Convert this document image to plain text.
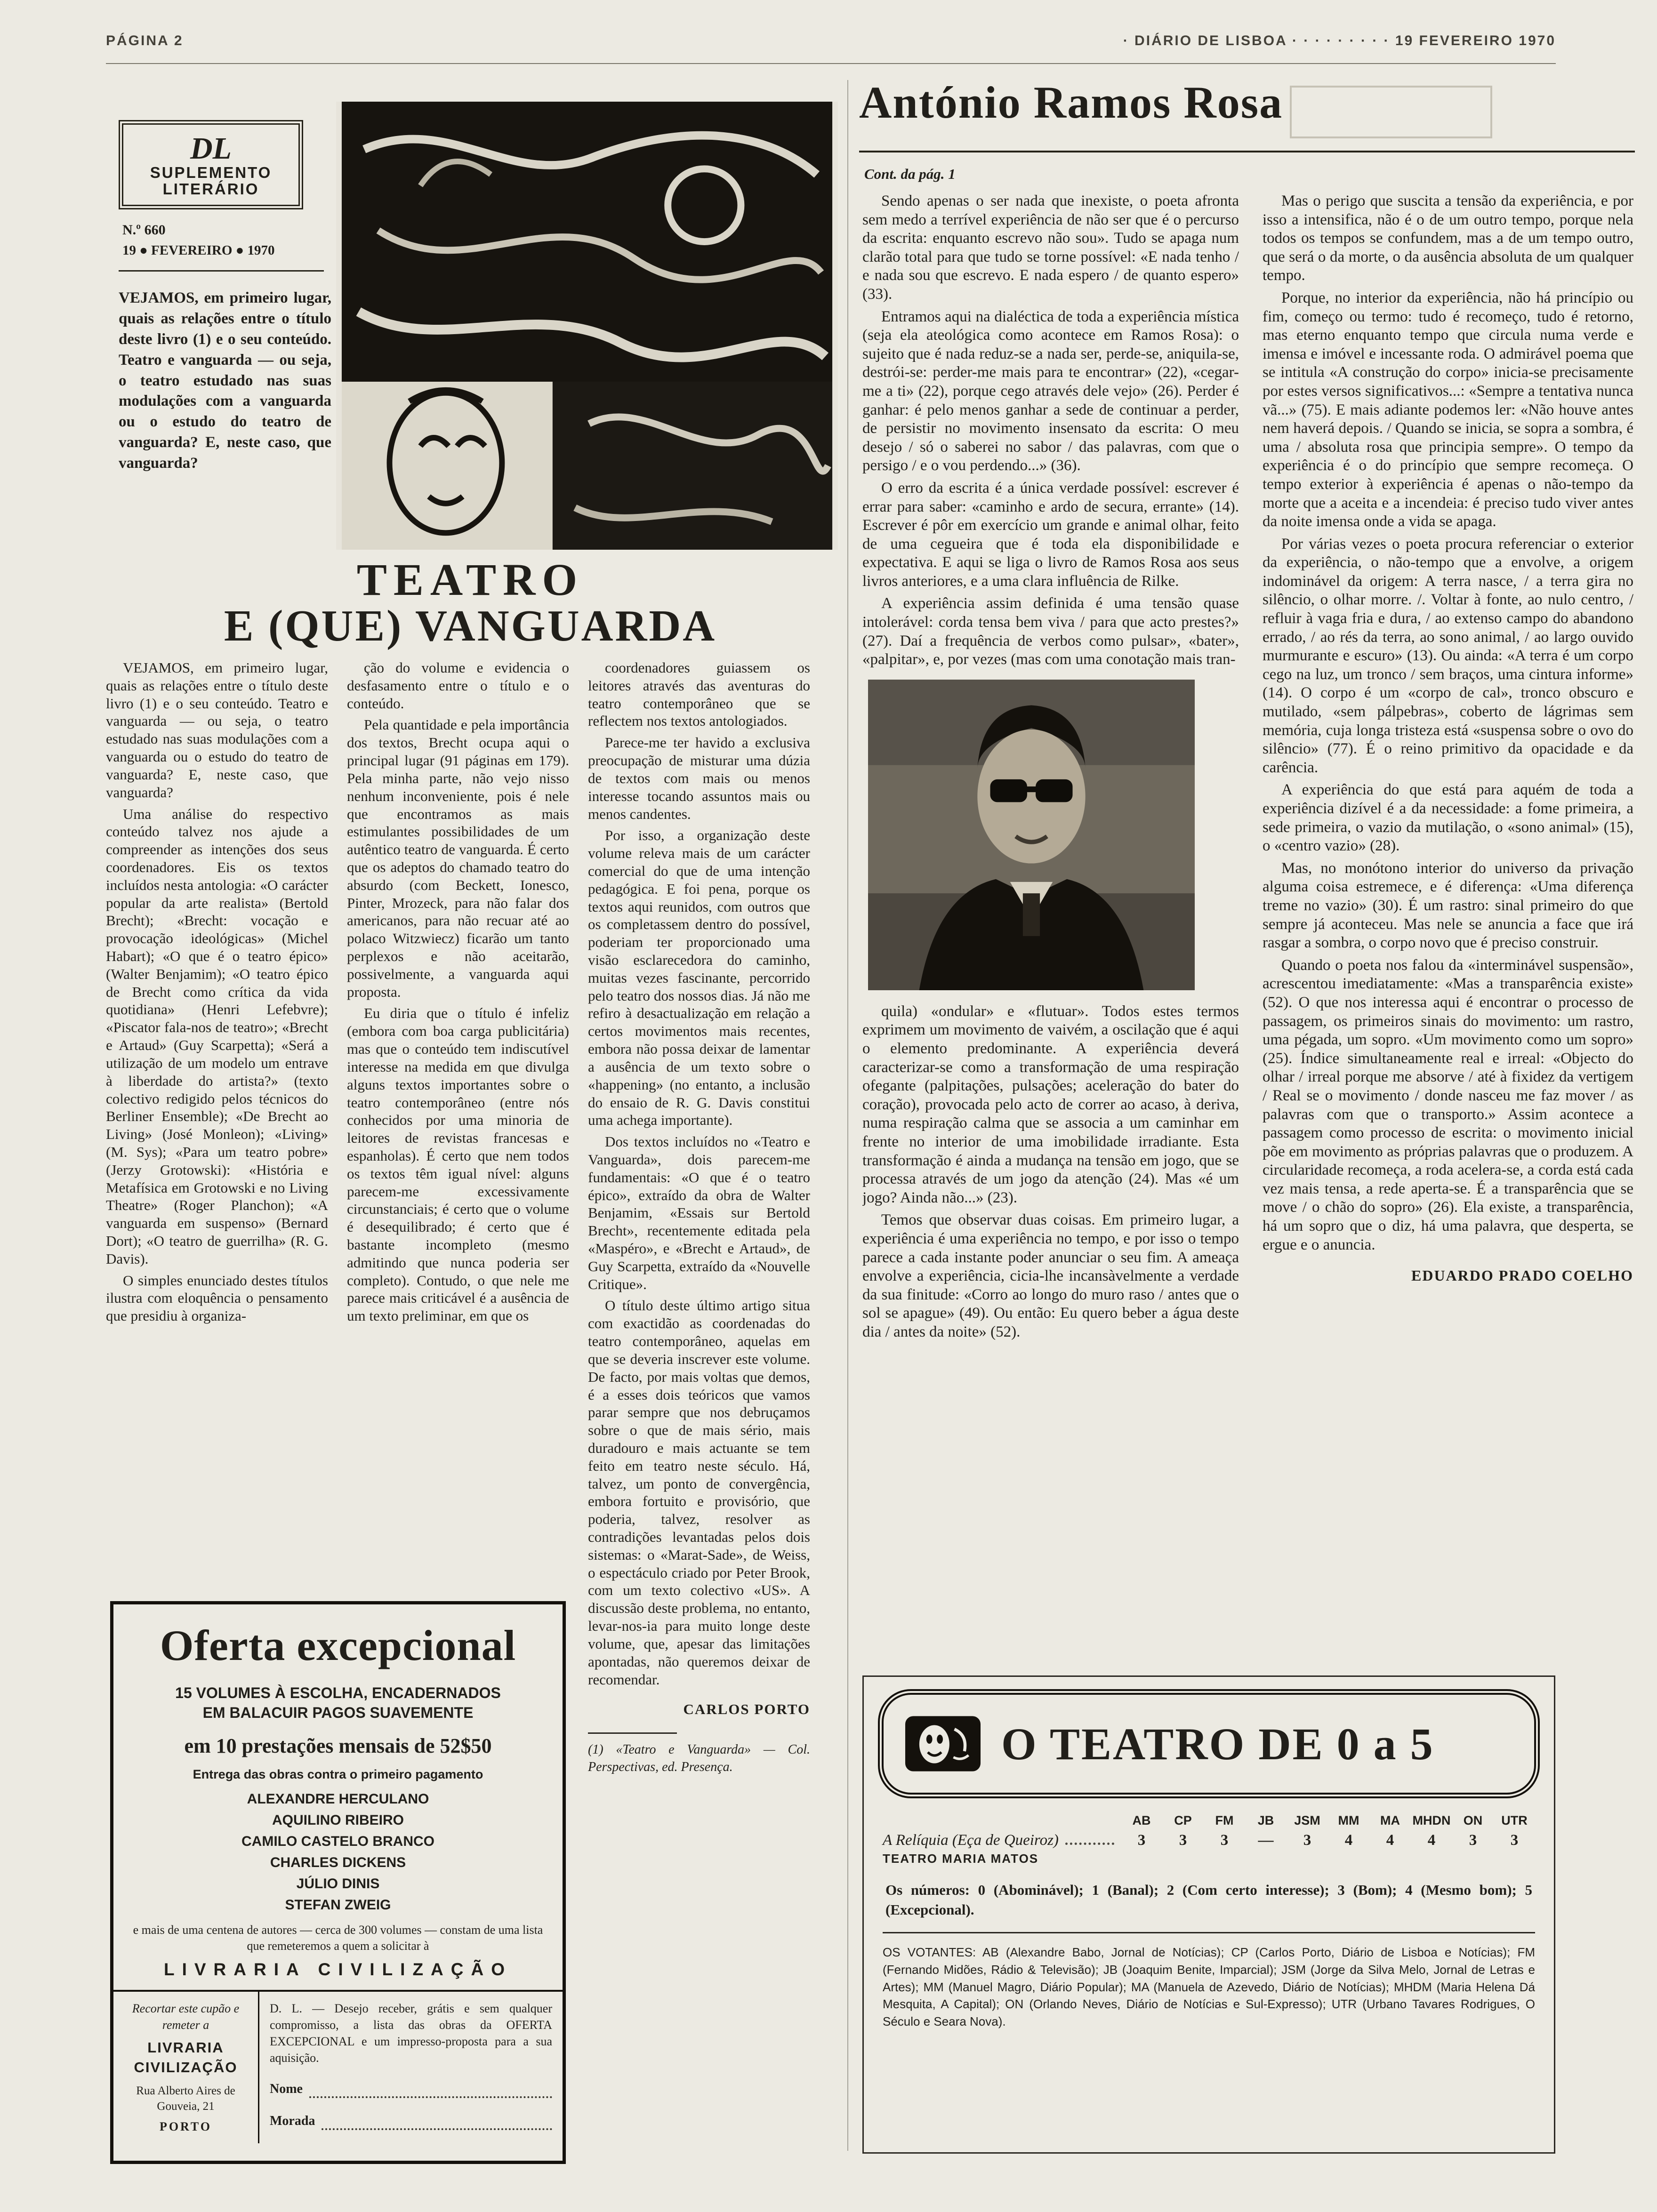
PÁGINA 2	· DIÁRIO DE LISBOA · · · · · · · · · 19 FEVEREIRO 1970
DL
SUPLEMENTO
LITERÁRIO
N.º 660
19 ● FEVEREIRO ● 1970
VEJAMOS, em primeiro lugar, quais as relações entre o título deste livro (1) e o seu conteúdo. Teatro e vanguarda — ou seja, o teatro estudado nas suas modulações com a vanguarda ou o estudo do teatro de vanguarda? E, neste caso, que vanguarda?
TEATRO
E (QUE) VANGUARDA

VEJAMOS, em primeiro lugar, quais as relações entre o título deste livro (1) e o seu conteúdo. Teatro e vanguarda — ou seja, o teatro estudado nas suas modulações com a vanguarda ou o estudo do teatro de vanguarda? E, neste caso, que vanguarda?

Uma análise do respectivo conteúdo talvez nos ajude a compreender as intenções dos seus coordenadores. Eis os textos incluídos nesta antologia: «O carácter popular da arte realista» (Bertold Brecht); «Brecht: vocação e provocação ideológicas» (Michel Habart); «O que é o teatro épico» (Walter Benjamim); «O teatro épico de Brecht como crítica da vida quotidiana» (Henri Lefebvre); «Piscator fala-nos de teatro»; «Brecht e Artaud» (Guy Scarpetta); «Será a utilização de um modelo um entrave à liberdade do artista?» (texto colectivo redigido pelos técnicos do Berliner Ensemble); «De Brecht ao Living» (José Monleon); «Living» (M. Sys); «Para um teatro pobre» (Jerzy Grotowski): «História e Metafísica em Grotowski e no Living Theatre» (Roger Planchon); «A vanguarda em suspenso» (Bernard Dort); «O teatro de guerrilha» (R. G. Davis).

O simples enunciado destes títulos ilustra com eloquência o pensamento que presidiu à organiza-

ção do volume e evidencia o desfasamento entre o título e o conteúdo.

Pela quantidade e pela importância dos textos, Brecht ocupa aqui o principal lugar (91 páginas em 179). Pela minha parte, não vejo nisso nenhum inconveniente, pois é nele que encontramos as mais estimulantes possibilidades de um autêntico teatro de vanguarda. É certo que os adeptos do chamado teatro do absurdo (com Beckett, Ionesco, Pinter, Mrozeck, para não falar dos americanos, para não recuar até ao polaco Witzwiecz) ficarão um tanto perplexos e não aceitarão, possivelmente, a vanguarda aqui proposta.

Eu diria que o título é infeliz (embora com boa carga publicitária) mas que o conteúdo tem indiscutível interesse na medida em que divulga alguns textos importantes sobre o teatro contemporâneo (entre nós conhecidos por uma minoria de leitores de revistas francesas e espanholas). É certo que nem todos os textos têm igual nível: alguns parecem-me excessivamente circunstanciais; é certo que o volume é desequilibrado; é certo que é bastante incompleto (mesmo admitindo que nunca poderia ser completo). Contudo, o que nele me parece mais criticável é a ausência de um texto preliminar, em que os

coordenadores guiassem os leitores através das aventuras do teatro contemporâneo que se reflectem nos textos antologiados.

Parece-me ter havido a exclusiva preocupação de misturar uma dúzia de textos com mais ou menos interesse tocando assuntos mais ou menos candentes.

Por isso, a organização deste volume releva mais de um carácter comercial do que de uma intenção pedagógica. E foi pena, porque os textos aqui reunidos, com outros que os completassem dentro do possível, poderiam ter proporcionado uma visão esclarecedora do caminho, muitas vezes fascinante, percorrido pelo teatro dos nossos dias. Já não me refiro à desactualização em relação a certos movimentos mais recentes, embora não possa deixar de lamentar a ausência de um texto sobre o «happening» (no entanto, a inclusão do ensaio de R. G. Davis constitui uma achega importante).

Dos textos incluídos no «Teatro e Vanguarda», dois parecem-me fundamentais: «O que é o teatro épico», extraído da obra de Walter Benjamim, «Essais sur Bertold Brecht», recentemente editada pela «Maspéro», e «Brecht e Artaud», de Guy Scarpetta, extraído da «Nouvelle Critique».

O título deste último artigo situa com exactidão as coordenadas do teatro contemporâneo, aquelas em que se deveria inscrever este volume. De facto, por mais voltas que demos, é a esses dois teóricos que vamos parar sempre que nos debruçamos sobre o que de mais sério, mais duradouro e mais actuante se tem feito em teatro neste século. Há, talvez, um ponto de convergência, embora fortuito e provisório, que poderia, talvez, resolver as contradições levantadas pelos dois sistemas: o «Marat-Sade», de Weiss, o espectáculo criado por Peter Brook, com um texto colectivo «US». A discussão deste problema, no entanto, levar-nos-ia para muito longe deste volume, que, apesar das limitações apontadas, não queremos deixar de recomendar.

CARLOS PORTO
(1) «Teatro e Vanguarda» — Col. Perspectivas, ed. Presença.
António Ramos Rosa
Cont. da pág. 1

Sendo apenas o ser nada que inexiste, o poeta afronta sem medo a terrível experiência de não ser que é o percurso da escrita: enquanto escrevo não sou». Tudo se apaga num clarão total para que tudo se torne possível: «E nada tenho / e nada sou que escrevo. E nada espero / de quanto espero» (33).

Entramos aqui na dialéctica de toda a experiência mística (seja ela ateológica como acontece em Ramos Rosa): o sujeito que é nada reduz-se a nada ser, perde-se, aniquila-se, destrói-se: perder-me mais para te encontrar» (22), «cegar-me a ti» (22), porque cego através dele vejo» (26). Perder é ganhar: é pelo menos ganhar a sede de continuar a perder, de persistir no movimento insensato da escrita: O meu desejo / só o saberei no sabor / das palavras, com que o persigo / e o vou perdendo...» (36).

O erro da escrita é a única verdade possível: escrever é errar para saber: «caminho e ardo de secura, errante» (14). Escrever é pôr em exercício um grande e animal olhar, feito de uma cegueira que é toda ela disponibilidade e expectativa. E aqui se liga o livro de Ramos Rosa aos seus livros anteriores, e a uma clara influência de Rilke.

A experiência assim definida é uma tensão quase intolerável: corda tensa bem viva / para que acto prestes?» (27). Daí a frequência de verbos como pulsar», «bater», «palpitar», e, por vezes (mas com uma conotação mais tran-

quila) «ondular» e «flutuar». Todos estes termos exprimem um movimento de vaivém, a oscilação que é aqui o elemento predominante. A experiência deverá caracterizar-se como a transformação de uma respiração ofegante (palpitações, pulsações; aceleração do bater do coração), provocada pelo acto de correr ao acaso, à deriva, numa respiração calma que se associa a um caminhar em frente no interior de uma imobilidade irradiante. Esta transformação é ainda a mudança na tensão em jogo, que se processa através de um jogo da atenção (24). Mas «é um jogo? Ainda não...» (23).

Temos que observar duas coisas. Em primeiro lugar, a experiência é uma experiência no tempo, e por isso o tempo parece a cada instante poder anunciar o seu fim. A ameaça envolve a experiência, cicia-lhe incansàvelmente a verdade da sua finitude: «Corro ao longo do muro raso / antes que o sol se apague» (49). Ou então: Eu quero beber a água deste dia / antes da noite» (52).

Mas o perigo que suscita a tensão da experiência, e por isso a intensifica, não é o de um outro tempo, porque nela todos os tempos se confundem, mas a de um tempo outro, que será o da morte, o da ausência absoluta de um qualquer tempo.

Porque, no interior da experiência, não há princípio ou fim, começo ou termo: tudo é recomeço, tudo é retorno, mas eterno enquanto tempo que circula numa verde e imensa e imóvel e incessante roda. O admirável poema que se intitula «A construção do corpo» inicia-se precisamente por estes versos significativos...: «Sempre a tentativa nunca vã...» (75). E mais adiante podemos ler: «Não houve antes nem haverá depois. / Quando se inicia, se sopra a sombra, é uma / absoluta rosa que principia sempre». O tempo da experiência é o do princípio que sempre recomeça. O tempo exterior à experiência é apenas o não-tempo da morte que a aceita e a incendeia: é preciso tudo viver antes da noite imensa onde a vida se apaga.

Por várias vezes o poeta procura referenciar o exterior da experiência, o não-tempo que a envolve, a origem indominável da origem: A terra nasce, / a terra gira no silêncio, o olhar morre. /. Voltar à fonte, ao nulo centro, / refluir à vaga fria e dura, / ao extenso campo do abandono errado, / ao rés da terra, ao sono animal, / ao largo ouvido murmurante e escuro» (13). Ou ainda: «A terra é um corpo cego na luz, um tronco / sem braços, uma cintura informe» (14). O corpo é um «corpo de cal», tronco obscuro e mutilado, «sem pálpebras», coberto de lágrimas sem memória, cuja longa tristeza está «suspensa sobre o ovo do silêncio» (77). É o reino primitivo da opacidade e da carência.

A experiência do que está para aquém de toda a experiência dizível é a da necessidade: a fome primeira, a sede primeira, o vazio da mutilação, o «sono animal» (15), o «centro vazio» (28).

Mas, no monótono interior do universo da privação alguma coisa estremece, e é diferença: «Uma diferença treme no vazio» (30). É um rastro: sinal primeiro do que sempre já aconteceu. Mas nele se anuncia a face que irá rasgar a sombra, o corpo novo que é preciso construir.

Quando o poeta nos falou da «interminável suspensão», acrescentou imediatamente: «Mas a transparência existe» (52). O que nos interessa aqui é encontrar o processo de passagem, os primeiros sinais do movimento: um rastro, uma pégada, um sopro. «Um movimento como um sopro» (25). Índice simultaneamente real e irreal: «Objecto do olhar / irreal porque me absorve / até à fixidez da vertigem / Real se o movimento / donde nasceu me faz mover / as palavras com que o transporto.» Assim acontece a passagem como processo de escrita: o movimento inicial põe em movimento as próprias palavras que o produzem. A circularidade recomeça, a roda acelera-se, a corda está cada vez mais tensa, a rede aperta-se. É a transparência que se move / o chão do sopro» (26). Ela existe, a transparência, há um sopro que o diz, há uma palavra, que desperta, se ergue e o anuncia.

EDUARDO PRADO COELHO
Oferta excepcional
15 VOLUMES À ESCOLHA, ENCADERNADOS
EM BALACUIR PAGOS SUAVEMENTE
em 10 prestações mensais de 52$50
Entrega das obras contra o primeiro pagamento

ALEXANDRE HERCULANO

AQUILINO RIBEIRO

CAMILO CASTELO BRANCO

CHARLES DICKENS

JÚLIO DINIS

STEFAN ZWEIG

e mais de uma centena de autores — cerca de 300 volumes — constam de uma lista que remeteremos a quem a solicitar à
LIVRARIA CIVILIZAÇÃO
Recortar este cupão e remeter a
LIVRARIA CIVILIZAÇÃO
Rua Alberto Aires de Gouveia, 21
PORTO
D. L. — Desejo receber, grátis e sem qualquer compromisso, a lista das obras da OFERTA EXCEPCIONAL e um impresso-proposta para a sua aquisição.
Nome
Morada
O TEATRO DE 0 a 5
AB	CP	FM	JB	JSM	MM	MA MHDN	ON	UTR
A Relíquia (Eça de Queiroz)	3	3	3	—	3	4	4	4	3	3
TEATRO MARIA MATOS
Os números: 0 (Abominável); 1 (Banal); 2 (Com certo interesse); 3 (Bom); 4 (Mesmo bom); 5 (Excepcional).
OS VOTANTES: AB (Alexandre Babo, Jornal de Notícias); CP (Carlos Porto, Diário de Lisboa e Notícias); FM (Fernando Midões, Rádio & Televisão); JB (Joaquim Benite, Imparcial); JSM (Jorge da Silva Melo, Jornal de Letras e Artes); MM (Manuel Magro, Diário Popular); MA (Manuela de Azevedo, Diário de Notícias); MHDM (Maria Helena Dá Mesquita, A Capital); ON (Orlando Neves, Diário de Notícias e Sul-Expresso); UTR (Urbano Tavares Rodrigues, O Século e Seara Nova).
